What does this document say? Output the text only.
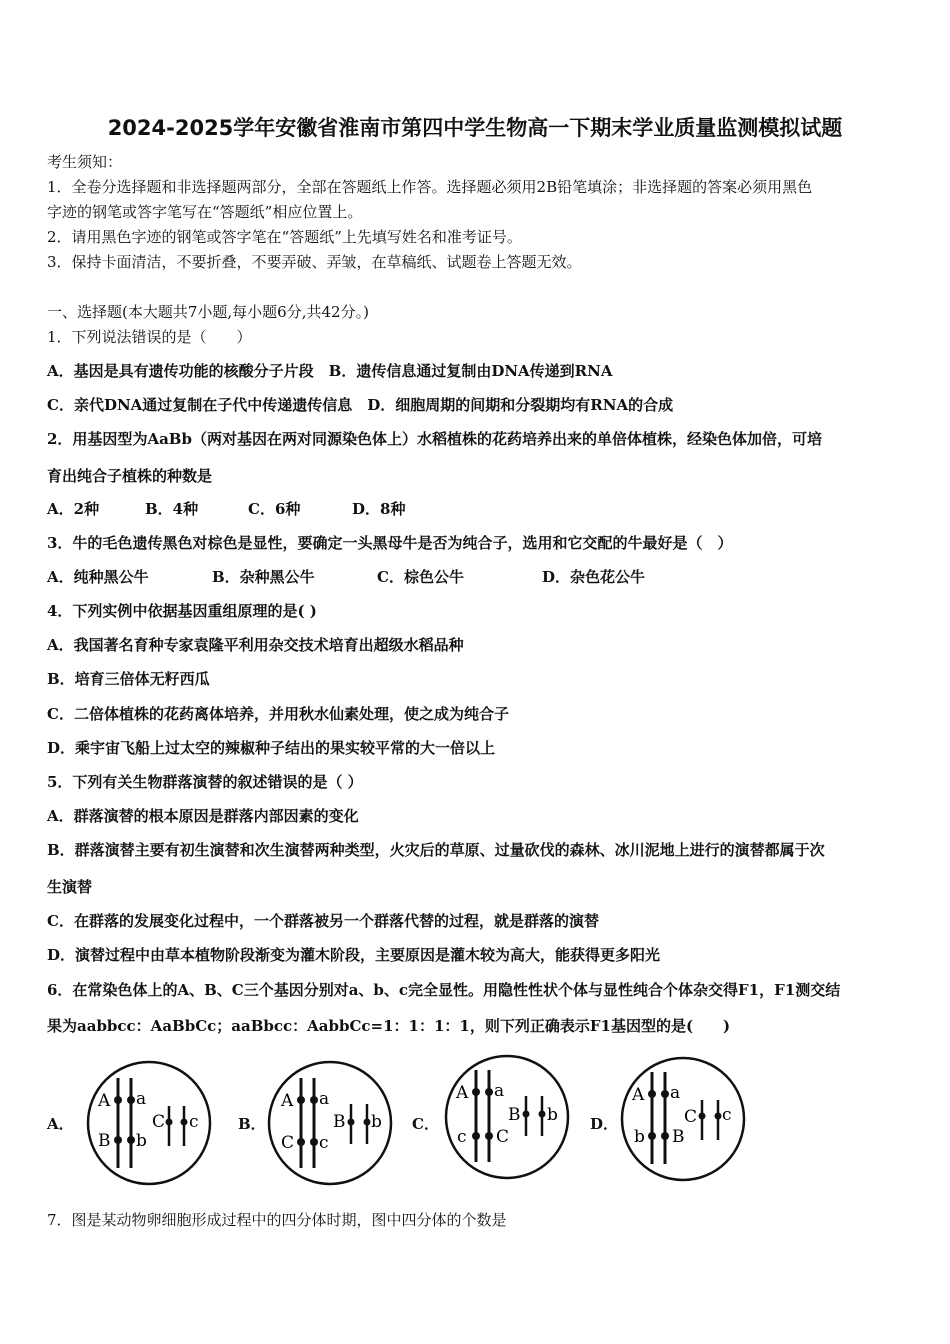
2024-2025学年安徽省淮南市第四中学生物高一下期末学业质量监测模拟试题
考生须知：
1．全卷分选择题和非选择题两部分，全部在答题纸上作答。选择题必须用2B铅笔填涂；非选择题的答案必须用黑色
字迹的钢笔或答字笔写在“答题纸”相应位置上。
2．请用黑色字迹的钢笔或答字笔在“答题纸”上先填写姓名和准考证号。
3．保持卡面清洁，不要折叠，不要弄破、弄皱，在草稿纸、试题卷上答题无效。
一、选择题(本大题共7小题,每小题6分,共42分。)
1．下列说法错误的是（　　）
A．基因是具有遗传功能的核酸分子片段　B．遗传信息通过复制由DNA传递到RNA
C．亲代DNA通过复制在子代中传递遗传信息　D．细胞周期的间期和分裂期均有RNA的合成
2．用基因型为AaBb（两对基因在两对同源染色体上）水稻植株的花药培养出来的单倍体植株，经染色体加倍，可培
育出纯合子植株的种数是
A．2种	B．4种	C．6种	D．8种
3．牛的毛色遗传黑色对棕色是显性，要确定一头黑母牛是否为纯合子，选用和它交配的牛最好是（　）
A．纯种黑公牛	B．杂种黑公牛	C．棕色公牛	D．杂色花公牛
4．下列实例中依据基因重组原理的是( )
A．我国著名育种专家袁隆平利用杂交技术培育出超级水稻品种
B．培育三倍体无籽西瓜
C．二倍体植株的花药离体培养，并用秋水仙素处理，使之成为纯合子
D．乘宇宙飞船上过太空的辣椒种子结出的果实较平常的大一倍以上
5．下列有关生物群落演替的叙述错误的是（ ）
A．群落演替的根本原因是群落内部因素的变化
B．群落演替主要有初生演替和次生演替两种类型，火灾后的草原、过量砍伐的森林、冰川泥地上进行的演替都属于次
生演替
C．在群落的发展变化过程中，一个群落被另一个群落代替的过程，就是群落的演替
D．演替过程中由草本植物阶段渐变为灌木阶段，主要原因是灌木较为高大，能获得更多阳光
6．在常染色体上的A、B、C三个基因分别对a、b、c完全显性。用隐性性状个体与显性纯合个体杂交得F1，F1测交结
果为aabbcc：AaBbCc；aaBbcc：AabbCc=1：1：1：1，则下列正确表示F1基因型的是(　　)
A．
A a
B b
C c	B．
A a
C c
B b C．
A a
c C
B b D．
A a
b B
C c
7．图是某动物卵细胞形成过程中的四分体时期，图中四分体的个数是
